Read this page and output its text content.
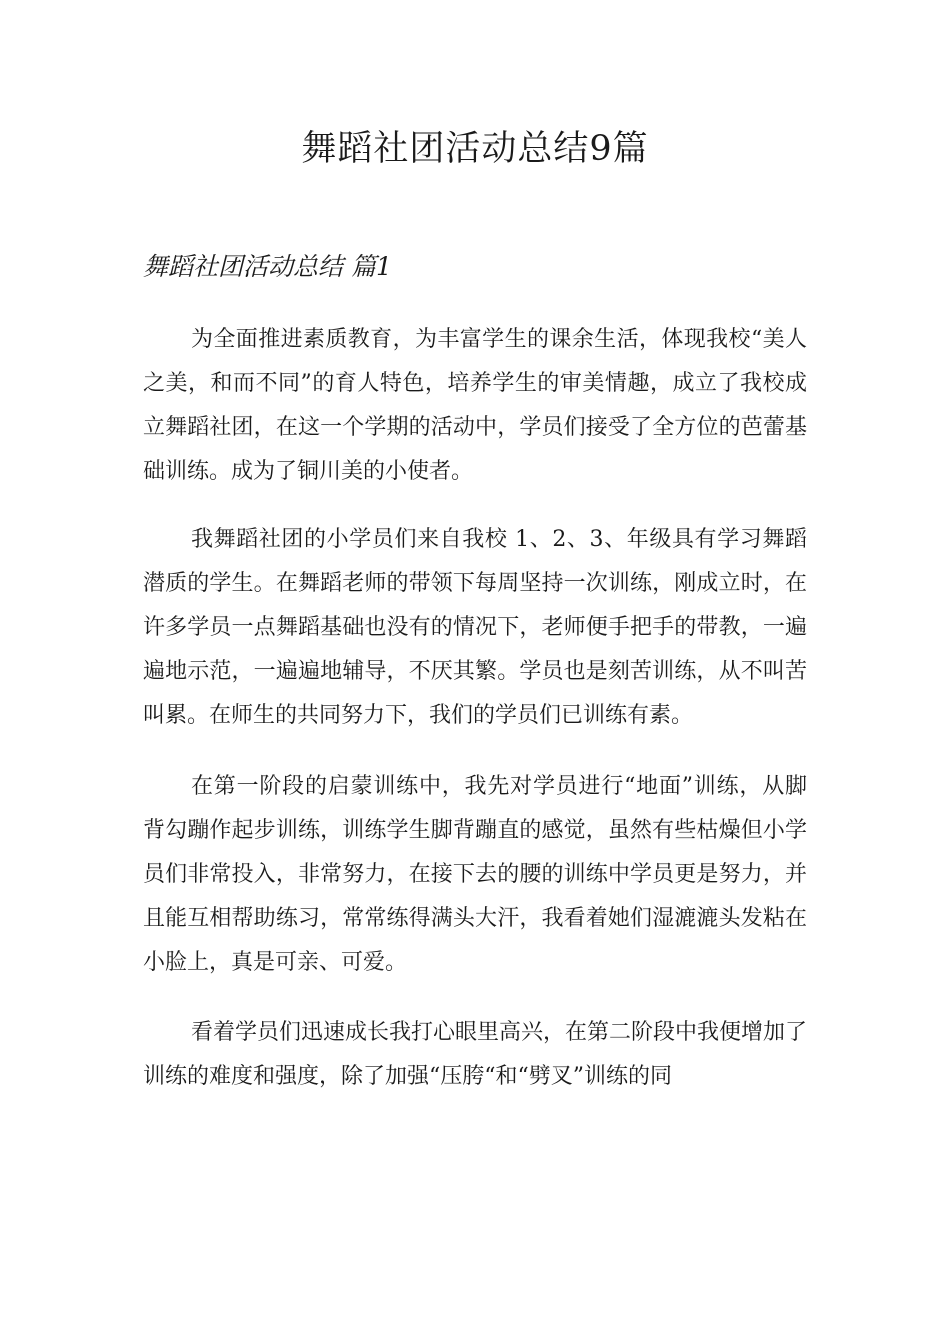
舞蹈社团活动总结9篇
舞蹈社团活动总结 篇1

为全面推进素质教育，为丰富学生的课余生活，体现我校“美人之美，和而不同”的育人特色，培养学生的审美情趣，成立了我校成立舞蹈社团，在这一个学期的活动中，学员们接受了全方位的芭蕾基础训练。成为了铜川美的小使者。

我舞蹈社团的小学员们来自我校 1、2、3、年级具有学习舞蹈潜质的学生。在舞蹈老师的带领下每周坚持一次训练，刚成立时，在许多学员一点舞蹈基础也没有的情况下，老师便手把手的带教，一遍遍地示范，一遍遍地辅导，不厌其繁。学员也是刻苦训练，从不叫苦叫累。在师生的共同努力下，我们的学员们已训练有素。

在第一阶段的启蒙训练中，我先对学员进行“地面”训练，从脚背勾蹦作起步训练，训练学生脚背蹦直的感觉，虽然有些枯燥但小学员们非常投入，非常努力，在接下去的腰的训练中学员更是努力，并且能互相帮助练习，常常练得满头大汗，我看着她们湿漉漉头发粘在小脸上，真是可亲、可爱。

看着学员们迅速成长我打心眼里高兴，在第二阶段中我便增加了训练的难度和强度，除了加强“压胯“和“劈叉”训练的同
